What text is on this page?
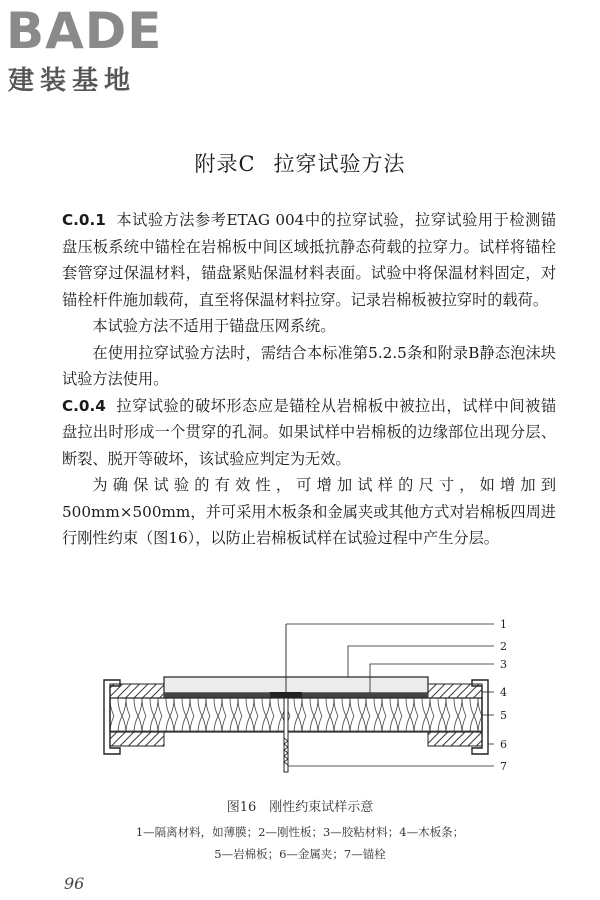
BADE
建装基地
附录C 拉穿试验方法

C.0.1 本试验方法参考ETAG 004中的拉穿试验，拉穿试验用于检测锚盘压板系统中锚栓在岩棉板中间区域抵抗静态荷载的拉穿力。试样将锚栓套管穿过保温材料，锚盘紧贴保温材料表面。试验中将保温材料固定，对锚栓杆件施加载荷，直至将保温材料拉穿。记录岩棉板被拉穿时的载荷。

本试验方法不适用于锚盘压网系统。

在使用拉穿试验方法时，需结合本标准第5.2.5条和附录B静态泡沫块试验方法使用。

C.0.4 拉穿试验的破坏形态应是锚栓从岩棉板中被拉出，试样中间被锚盘拉出时形成一个贯穿的孔洞。如果试样中岩棉板的边缘部位出现分层、断裂、脱开等破坏，该试验应判定为无效。

为确保试验的有效性，可增加试样的尺寸，如增加到500mm×500mm，并可采用木板条和金属夹或其他方式对岩棉板四周进行刚性约束（图16），以防止岩棉板试样在试验过程中产生分层。

1
2
3
4
5
6
7
图16　刚性约束试样示意
1—隔离材料，如薄膜；2—刚性板；3—胶粘材料；4—木板条；
5—岩棉板；6—金属夹；7—锚栓
96
